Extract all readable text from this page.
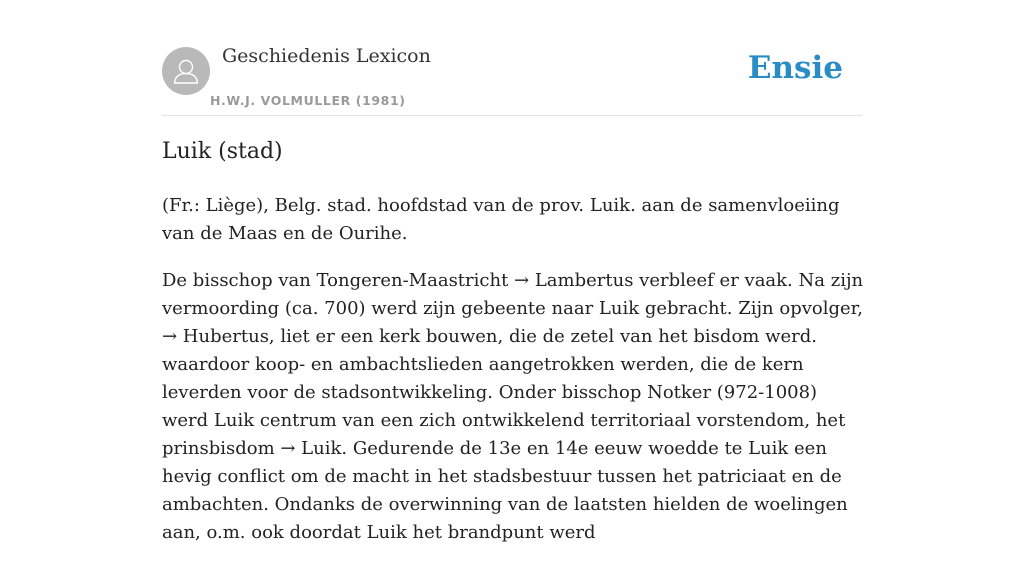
Geschiedenis Lexicon
H.W.J. VOLMULLER (1981)
Ensie
Luik (stad)

(Fr.: Liège), Belg. stad. hoofdstad van de prov. Luik. aan de samenvloeiing van de Maas en de Ourihe.

De bisschop van Tongeren-Maastricht → Lambertus verbleef er vaak. Na zijn vermoording (ca. 700) werd zijn gebeente naar Luik gebracht. Zijn opvolger, → Hubertus, liet er een kerk bouwen, die de zetel van het bisdom werd. waardoor koop- en ambachtslieden aangetrokken werden, die de kern leverden voor de stadsontwikkeling. Onder bisschop Notker (972-1008) werd Luik centrum van een zich ontwikkelend territoriaal vorstendom, het prinsbisdom → Luik. Gedurende de 13e en 14e eeuw woedde te Luik een hevig conflict om de macht in het stadsbestuur tussen het patriciaat en de ambachten. Ondanks de overwinning van de laatsten hielden de woelingen aan, o.m. ook doordat Luik het brandpunt werd
